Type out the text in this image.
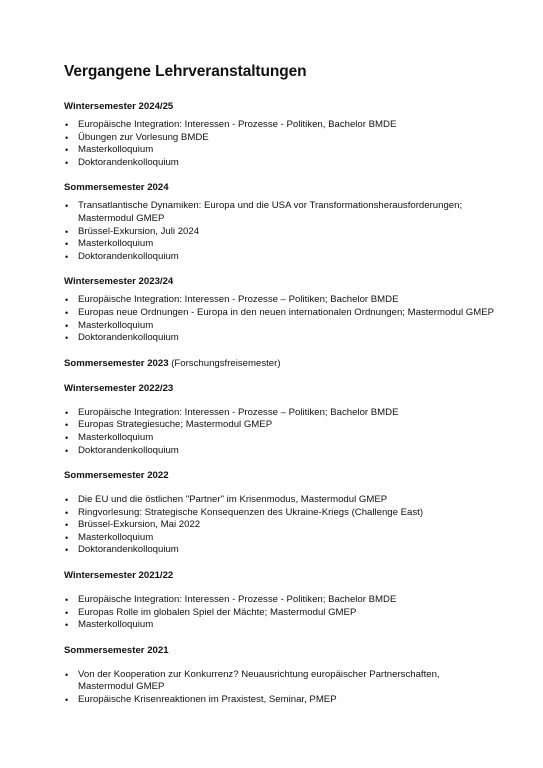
Vergangene Lehrveranstaltungen
Wintersemester 2024/25
• Europäische Integration: Interessen - Prozesse - Politiken, Bachelor BMDE
• Übungen zur Vorlesung BMDE
• Masterkolloquium
• Doktorandenkolloquium
Sommersemester 2024
• Transatlantische Dynamiken: Europa und die USA vor Transformationsherausforderungen; Mastermodul GMEP
• Brüssel-Exkursion, Juli 2024
• Masterkolloquium
• Doktorandenkolloquium
Wintersemester 2023/24
• Europäische Integration: Interessen - Prozesse – Politiken; Bachelor BMDE
• Europas neue Ordnungen - Europa in den neuen internationalen Ordnungen; Mastermodul GMEP
• Masterkolloquium
• Doktorandenkolloquium
Sommersemester 2023 (Forschungsfreisemester)
Wintersemester 2022/23
• Europäische Integration: Interessen - Prozesse – Politiken; Bachelor BMDE
• Europas Strategiesuche; Mastermodul GMEP
• Masterkolloquium
• Doktorandenkolloquium
Sommersemester 2022
• Die EU und die östlichen "Partner" im Krisenmodus, Mastermodul GMEP
• Ringvorlesung: Strategische Konsequenzen des Ukraine-Kriegs (Challenge East)
• Brüssel-Exkursion, Mai 2022
• Masterkolloquium
• Doktorandenkolloquium
Wintersemester 2021/22
• Europäische Integration: Interessen - Prozesse - Politiken; Bachelor BMDE
• Europas Rolle im globalen Spiel der Mächte; Mastermodul GMEP
• Masterkolloquium
Sommersemester 2021
• Von der Kooperation zur Konkurrenz? Neuausrichtung europäischer Partnerschaften, Mastermodul GMEP
• Europäische Krisenreaktionen im Praxistest, Seminar, PMEP
